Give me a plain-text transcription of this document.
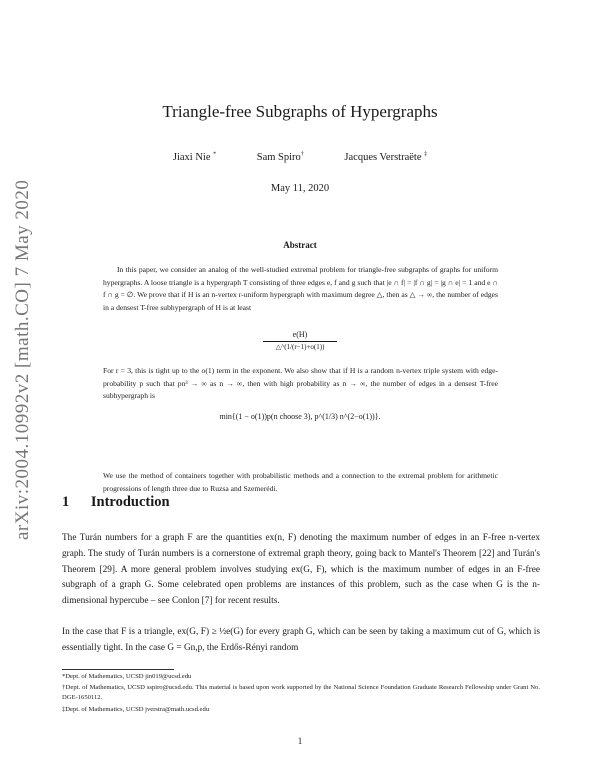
arXiv:2004.10992v2 [math.CO] 7 May 2020
Triangle-free Subgraphs of Hypergraphs
Jiaxi Nie *	Sam Spiro†	Jacques Verstraëte ‡
May 11, 2020
Abstract
In this paper, we consider an analog of the well-studied extremal problem for triangle-free subgraphs of graphs for uniform hypergraphs. A loose triangle is a hypergraph T consisting of three edges e, f and g such that |e ∩ f| = |f ∩ g| = |g ∩ e| = 1 and e ∩ f ∩ g = ∅. We prove that if H is an n-vertex r-uniform hypergraph with maximum degree △, then as △ → ∞, the number of edges in a densest T-free subhypergraph of H is at least
$\frac{e(H)}{\triangle\^{}(1/(r-1)+o(1))}$
For r = 3, this is tight up to the o(1) term in the exponent. We also show that if H is a random n-vertex triple system with edge-probability p such that pn³ → ∞ as n → ∞, then with high probability as n → ∞, the number of edges in a densest T-free subhypergraph is
min{(1 − o(1))p(n choose 3), p^(1/3) n^(2−o(1))}.
We use the method of containers together with probabilistic methods and a connection to the extremal problem for arithmetic progressions of length three due to Ruzsa and Szemerédi.
1 Introduction
The Turán numbers for a graph F are the quantities ex(n, F) denoting the maximum number of edges in an F-free n-vertex graph. The study of Turán numbers is a cornerstone of extremal graph theory, going back to Mantel's Theorem [22] and Turán's Theorem [29]. A more general problem involves studying ex(G, F), which is the maximum number of edges in an F-free subgraph of a graph G. Some celebrated open problems are instances of this problem, such as the case when G is the n-dimensional hypercube – see Conlon [7] for recent results.
In the case that F is a triangle, ex(G, F) ≥ ½e(G) for every graph G, which can be seen by taking a maximum cut of G, which is essentially tight. In the case G = Gn,p, the Erdős-Rényi random
*Dept. of Mathematics, UCSD jin019@ucsd.edu
†Dept. of Mathematics, UCSD sspiro@ucsd.edu. This material is based upon work supported by the National Science Foundation Graduate Research Fellowship under Grant No. DGE-1650112.
‡Dept. of Mathematics, UCSD jverstra@math.ucsd.edu
1
